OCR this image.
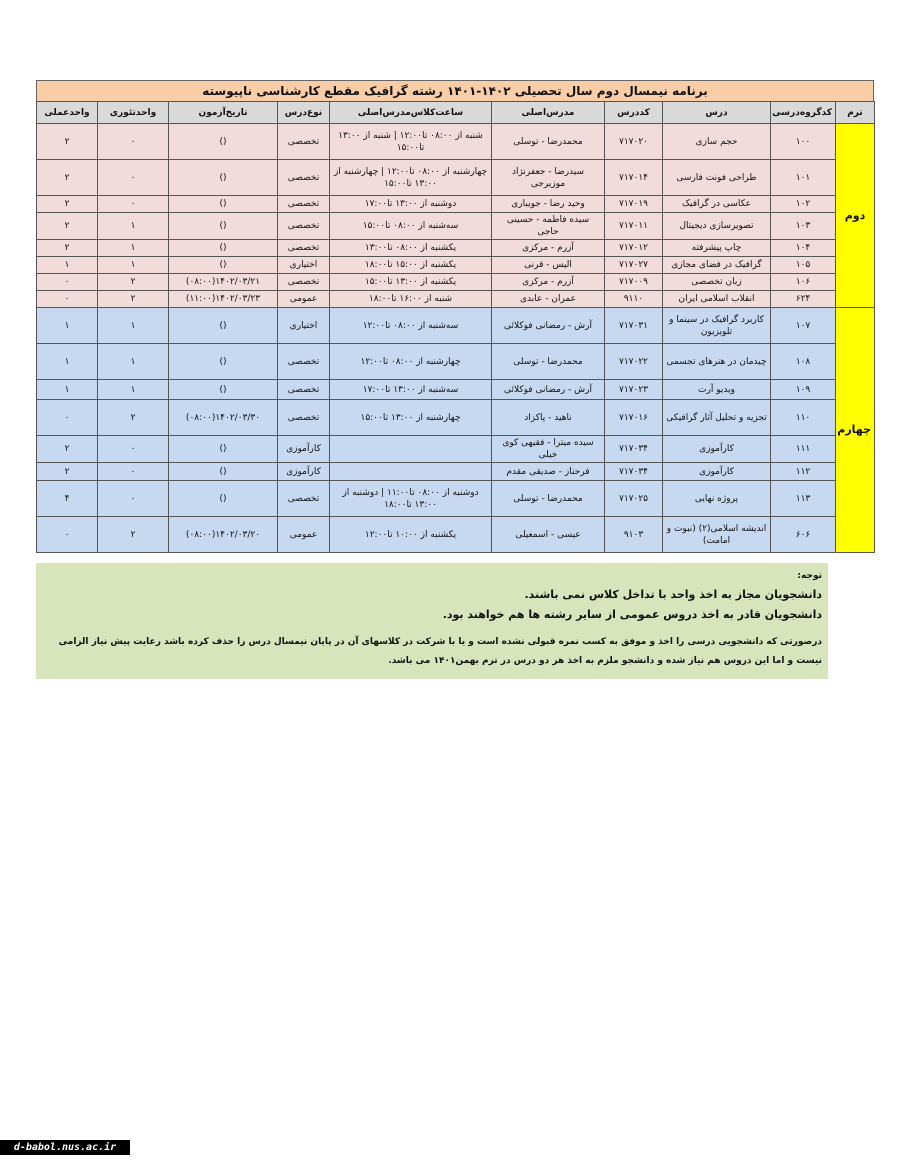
برنامه نیمسال دوم سال تحصیلی ۱۴۰۲-۱۴۰۱ رشته گرافیک مقطع کارشناسی ناپیوسته
ترم	کدگروه‌درسی	درس	کددرس	مدرس‌اصلی	ساعت‌کلاس‌مدرس‌اصلی	نوع‌درس	تاریخ‌آزمون	واحدتئوری	واحدعملی
دوم	۱۰۰	حجم سازی	۷۱۷۰۲۰	محمدرضا - توسلی	شنبه از ۰۸:۰۰ تا۱۲:۰۰ | شنبه از ۱۳:۰۰ تا۱۵:۰۰	تخصصی	()	۰	۲
	۱۰۱	طراحی فونت فارسی	۷۱۷۰۱۴	سیدرضا - جعفرنژاد موزیرجی	چهارشنبه از ۰۸:۰۰ تا۱۲:۰۰ | چهارشنبه از ۱۳:۰۰ تا۱۵:۰۰	تخصصی	()	۰	۲
	۱۰۲	عکاسی در گرافیک	۷۱۷۰۱۹	وحید رضا - جویباری	دوشنبه از ۱۳:۰۰ تا۱۷:۰۰	تخصصی	()	۰	۲
	۱۰۳	تصویرسازی دیجیتال	۷۱۷۰۱۱	سیده فاطمه - حسینی حاجی	سه‌شنبه از ۰۸:۰۰ تا۱۵:۰۰	تخصصی	()	۱	۲
	۱۰۴	چاپ پیشرفته	۷۱۷۰۱۲	آزرم - مرکزی	یکشنبه از ۰۸:۰۰ تا۱۳:۰۰	تخصصی	()	۱	۲
	۱۰۵	گرافیک در فضای مجازی	۷۱۷۰۲۷	الیس - قرنی	یکشنبه از ۱۵:۰۰ تا۱۸:۰۰	اختیاری	()	۱	۱
	۱۰۶	زبان تخصصی	۷۱۷۰۰۹	آزرم - مرکزی	یکشنبه از ۱۳:۰۰ تا۱۵:۰۰	تخصصی	۱۴۰۲/۰۳/۲۱(۰۸:۰۰)	۲	۰
	۶۲۴	انقلاب اسلامی ایران	۹۱۱۰	عمران - عابدی	شنبه از ۱۶:۰۰ تا۱۸:۰۰	عمومی	۱۴۰۲/۰۳/۲۳(۱۱:۰۰)	۲	۰
چهارم	۱۰۷	کاربرد گرافیک در سینما و تلویزیون	۷۱۷۰۳۱	آرش - رمضانی فوکلائی	سه‌شنبه از ۰۸:۰۰ تا۱۲:۰۰	اختیاری	()	۱	۱
	۱۰۸	چیدمان در هنرهای تجسمی	۷۱۷۰۲۲	محمدرضا - توسلی	چهارشنبه از ۰۸:۰۰ تا۱۲:۰۰	تخصصی	()	۱	۱
	۱۰۹	ویدیو آرت	۷۱۷۰۲۳	آرش - رمضانی فوکلائی	سه‌شنبه از ۱۳:۰۰ تا۱۷:۰۰	تخصصی	()	۱	۱
	۱۱۰	تجزیه و تحلیل آثار گرافیکی	۷۱۷۰۱۶	ناهید - پاکزاد	چهارشنبه از ۱۳:۰۰ تا۱۵:۰۰	تخصصی	۱۴۰۲/۰۳/۳۰(۰۸:۰۰)	۲	۰
	۱۱۱	کارآموزی	۷۱۷۰۳۴	سیده میترا - فقیهی کوی خیلی		کارآموزی	()	۰	۲
	۱۱۲	کارآموزی	۷۱۷۰۳۴	فرحناز - صدیقی مقدم		کارآموزی	()	۰	۲
	۱۱۳	پروژه نهایی	۷۱۷۰۲۵	محمدرضا - توسلی	دوشنبه از ۰۸:۰۰ تا۱۱:۰۰ | دوشنبه از ۱۳:۰۰ تا۱۸:۰۰	تخصصی	()	۰	۴
	۶۰۶	اندیشه اسلامی(۲) (نبوت و امامت)	۹۱۰۳	عیسی - اسمعیلی	یکشنبه از ۱۰:۰۰ تا۱۲:۰۰	عمومی	۱۴۰۲/۰۳/۲۰(۰۸:۰۰)	۲	۰
توجه:
دانشجویان مجاز به اخذ واحد با تداخل کلاس نمی باشند.
دانشجویان قادر به اخذ دروس عمومی از سایر رشته ها هم خواهند بود.
درصورتی که دانشجویی درسی را اخذ و موفق به کسب نمره قبولی نشده است و یا با شرکت در کلاسهای آن در پایان نیمسال درس را حذف کرده باشد رعایت پیش نیاز الزامی نیست و اما این دروس هم نیاز شده و دانشجو ملزم به اخذ هر دو درس در ترم بهمن۱۴۰۱ می باشد.
d-babol.nus.ac.ir
